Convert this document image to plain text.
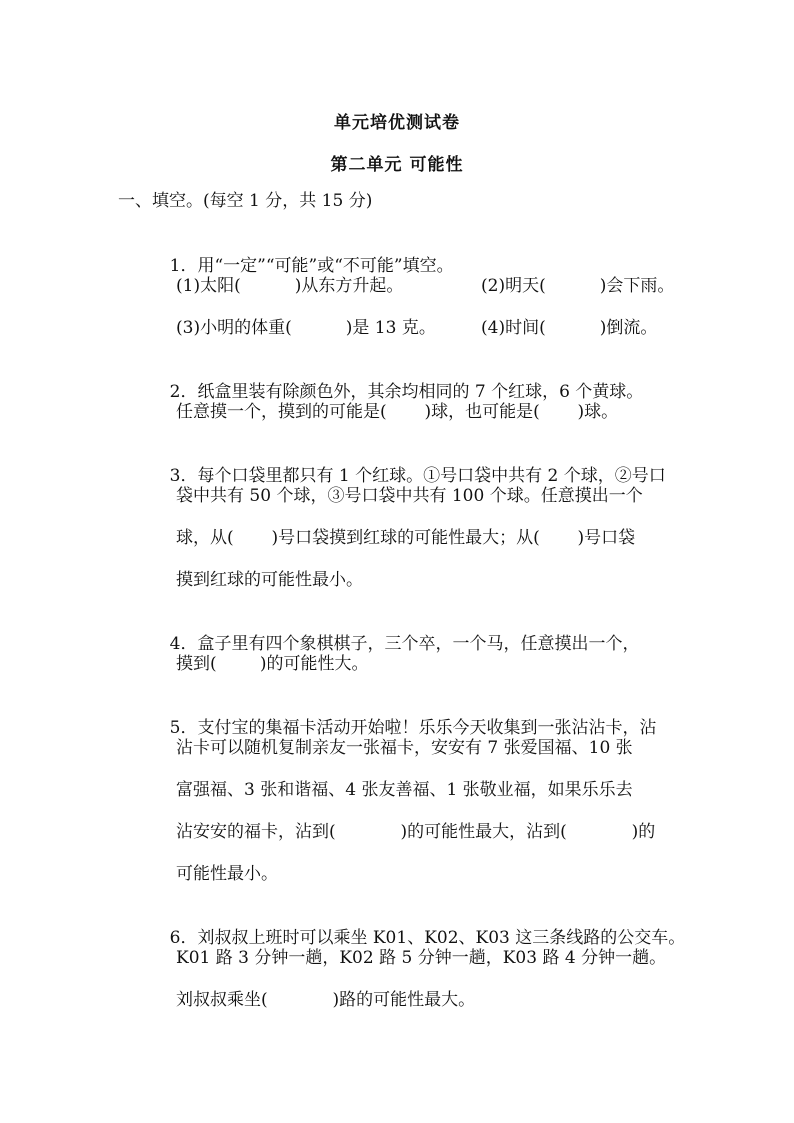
单元培优测试卷
第二单元 可能性
一、填空。(每空 1 分，共 15 分)

1．用“一定”“可能”或“不可能”填空。

(1)太阳(          )从东方升起。	(2)明天(          )会下雨。
(3)小明的体重(          )是 13 克。	(4)时间(          )倒流。

2．纸盒里装有除颜色外，其余均相同的 7 个红球，6 个黄球。

任意摸一个，摸到的可能是(       )球，也可能是(       )球。

3．每个口袋里都只有 1 个红球。①号口袋中共有 2 个球，②号口

袋中共有 50 个球，③号口袋中共有 100 个球。任意摸出一个
球，从(       )号口袋摸到红球的可能性最大；从(       )号口袋
摸到红球的可能性最小。

4．盒子里有四个象棋棋子，三个卒，一个马，任意摸出一个，

摸到(        )的可能性大。

5．支付宝的集福卡活动开始啦！乐乐今天收集到一张沾沾卡，沾

沾卡可以随机复制亲友一张福卡，安安有 7 张爱国福、10 张
富强福、3 张和谐福、4 张友善福、1 张敬业福，如果乐乐去
沾安安的福卡，沾到(            )的可能性最大，沾到(            )的
可能性最小。

6．刘叔叔上班时可以乘坐 K01、K02、K03 这三条线路的公交车。

K01 路 3 分钟一趟，K02 路 5 分钟一趟，K03 路 4 分钟一趟。
刘叔叔乘坐(            )路的可能性最大。
